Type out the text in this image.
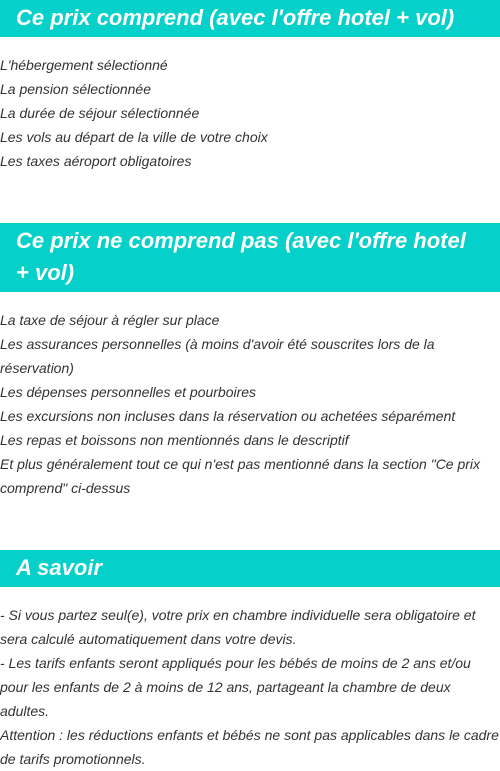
Ce prix comprend (avec l'offre hotel + vol)
L'hébergement sélectionné
La pension sélectionnée
La durée de séjour sélectionnée
Les vols au départ de la ville de votre choix
Les taxes aéroport obligatoires
Ce prix ne comprend pas (avec l'offre hotel + vol)
La taxe de séjour à régler sur place
Les assurances personnelles (à moins d'avoir été souscrites lors de la réservation)
Les dépenses personnelles et pourboires
Les excursions non incluses dans la réservation ou achetées séparément
Les repas et boissons non mentionnés dans le descriptif
Et plus généralement tout ce qui n'est pas mentionné dans la section "Ce prix comprend" ci-dessus
A savoir

- Si vous partez seul(e), votre prix en chambre individuelle sera obligatoire et sera calculé automatiquement dans votre devis.

- Les tarifs enfants seront appliqués pour les bébés de moins de 2 ans et/ou pour les enfants de 2 à moins de 12 ans, partageant la chambre de deux adultes.

Attention : les réductions enfants et bébés ne sont pas applicables dans le cadre de tarifs promotionnels.
